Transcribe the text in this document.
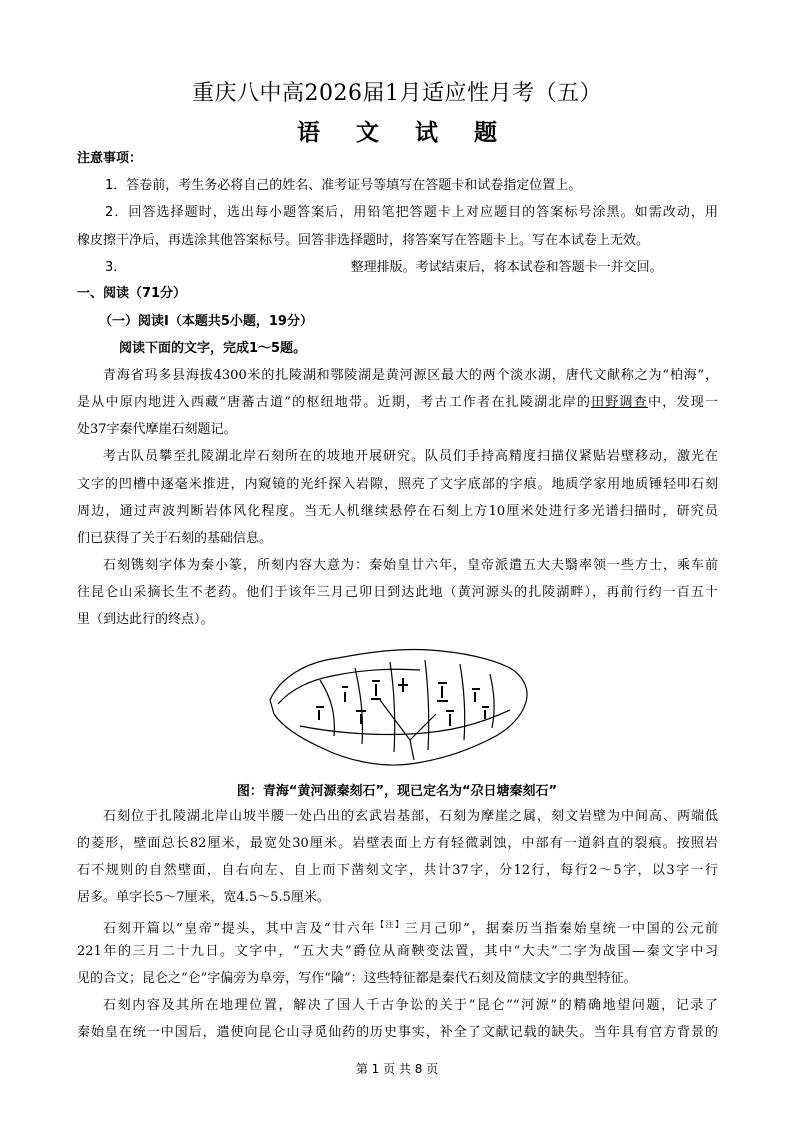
重庆八中高2026届1月适应性月考（五）
语 文 试 题
注意事项：
1．答卷前，考生务必将自己的姓名、准考证号等填写在答题卡和试卷指定位置上。
2．回答选择题时，选出每小题答案后，用铅笔把答题卡上对应题目的答案标号涂黑。如需改动，用
橡皮擦干净后，再选涂其他答案标号。回答非选择题时，将答案写在答题卡上。写在本试卷上无效。
3．	整理排版。考试结束后，将本试卷和答题卡一并交回。
一、阅读（71分）
（一）阅读Ⅰ（本题共5小题，19分）
阅读下面的文字，完成1～5题。
青海省玛多县海拔4300米的扎陵湖和鄂陵湖是黄河源区最大的两个淡水湖，唐代文献称之为“柏海”，
是从中原内地进入西藏“唐蕃古道”的枢纽地带。近期，考古工作者在扎陵湖北岸的田野调查中，发现一
处37字秦代摩崖石刻题记。
考古队员攀至扎陵湖北岸石刻所在的坡地开展研究。队员们手持高精度扫描仪紧贴岩壁移动，激光在
文字的凹槽中逐毫米推进，内窥镜的光纤探入岩隙，照亮了文字底部的字痕。地质学家用地质锤轻叩石刻
周边，通过声波判断岩体风化程度。当无人机继续悬停在石刻上方10厘米处进行多光谱扫描时，研究员
们已获得了关于石刻的基础信息。
石刻镌刻字体为秦小篆，所刻内容大意为：秦始皇廿六年，皇帝派遣五大夫翳率领一些方士，乘车前
往昆仑山采摘长生不老药。他们于该年三月己卯日到达此地（黄河源头的扎陵湖畔），再前行约一百五十
里（到达此行的终点）。
图：青海“黄河源秦刻石”，现已定名为“尕日塘秦刻石”
石刻位于扎陵湖北岸山坡半腰一处凸出的玄武岩基部，石刻为摩崖之属，刻文岩壁为中间高、两端低
的菱形，壁面总长82厘米，最宽处30厘米。岩壁表面上方有轻微剥蚀，中部有一道斜直的裂痕。按照岩
石不规则的自然壁面，自右向左、自上而下凿刻文字，共计37字，分12行，每行2～5字，以3字一行
居多。单字长5～7厘米，宽4.5～5.5厘米。
石刻开篇以“皇帝”提头，其中言及“廿六年$^{【注】}$三月己卯”，据秦历当指秦始皇统一中国的公元前
221年的三月二十九日。文字中，“五大夫”爵位从商鞅变法置，其中“大夫”二字为战国—秦文字中习
见的合文；昆仑之“仑”字偏旁为阜旁，写作“陯”：这些特征都是秦代石刻及简牍文字的典型特征。
石刻内容及其所在地理位置，解决了国人千古争讼的关于“昆仑”“河源”的精确地望问题，记录了
秦始皇在统一中国后，遣使向昆仑山寻觅仙药的历史事实，补全了文献记载的缺失。当年具有官方背景的
第 1 页 共 8 页
